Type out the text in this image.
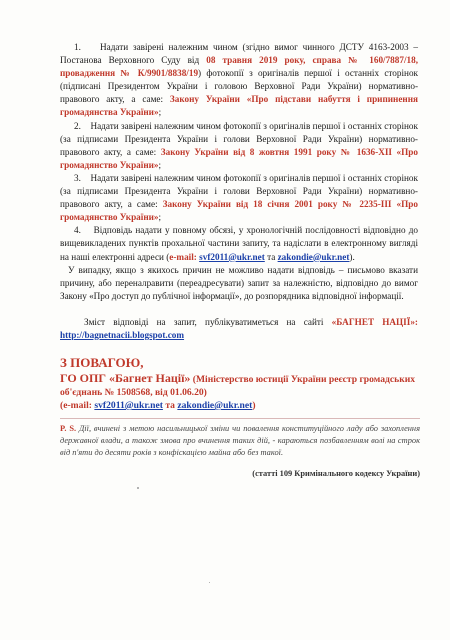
1. Надати завірені належним чином (згідно вимог чинного ДСТУ 4163-2003 – Постанова Верховного Суду від 08 травня 2019 року, справа № 160/7887/18, провадження № К/9901/8838/19) фотокопії з оригіналів першої і останніх сторінок (підписані Президентом України і головою Верховної Ради України) нормативно-правового акту, а саме: Закону України «Про підстави набуття і припинення громадянства України»;

2. Надати завірені належним чином фотокопії з оригіналів першої і останніх сторінок (за підписами Президента України і голови Верховної Ради України) нормативно-правового акту, а саме: Закону України від 8 жовтня 1991 року № 1636-XII «Про громадянство України»;

3. Надати завірені належним чином фотокопії з оригіналів першої і останніх сторінок (за підписами Президента України і голови Верховної Ради України) нормативно-правового акту, а саме: Закону України від 18 січня 2001 року № 2235-III «Про громадянство України»;

4. Відповідь надати у повному обсязі, у хронологічній послідовності відповідно до вищевикладених пунктів прохальної частини запиту, та надіслати в електронному вигляді на наші електронні адреси (e-mail: svf2011@ukr.net та zakondie@ukr.net).

У випадку, якщо з якихось причин не можливо надати відповідь – письмово вказати причину, або переналравити (переадресувати) запит за належністю, відповідно до вимог Закону «Про доступ до публічної інформації», до розпорядника відповідної інформації.

Зміст відповіді на запит, публікуватиметься на сайті «БАГНЕТ НАЦІЇ»: http://bagnetnacii.blogspot.com

З ПОВАГОЮ,
ГО ОПГ «Багнет Нації» (Міністерство юстиції України реєстр громадських об'єднань № 1508568, від 01.06.20)
(e-mail: svf2011@ukr.net та zakondie@ukr.net)
P. S. Дії, вчинені з метою насильницької зміни чи повалення конституційного ладу або захоплення державної влади, а також змова про вчинення таких дій, - караються позбавленням волі на строк від п'яти до десяти років з конфіскацією майна або без такої.
(статті 109 Кримінального кодексу України)
